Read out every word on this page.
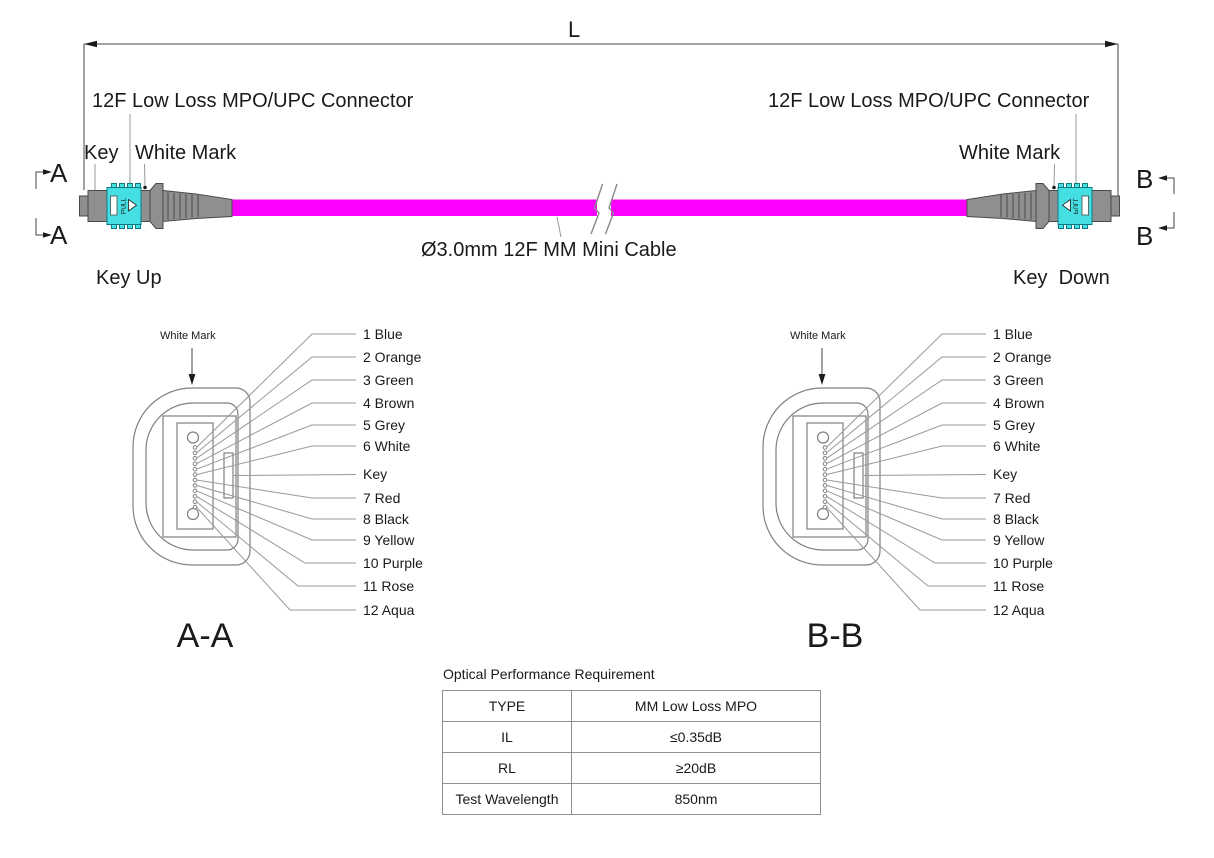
L
12F Low Loss MPO/UPC Connector	12F Low Loss MPO/UPC Connector
Key White Mark	White Mark
A
A
B
B
Key Up	Key  Down
Ø3.0mm 12F MM Mini Cable
White Mark	White Mark
1 Blue
2 Orange
3 Green
4 Brown
5 Grey
6 White
Key
7 Red
8 Black
9 Yellow
10 Purple
11 Rose
12 Aqua
1 Blue
2 Orange
3 Green
4 Brown
5 Grey
6 White
Key
7 Red
8 Black
9 Yellow
10 Purple
11 Rose
12 Aqua
A-A	B-B
Optical Performance Requirement
TYPE	MM Low Loss MPO
IL	≤0.35dB
RL	≥20dB
Test Wavelength	850nm
